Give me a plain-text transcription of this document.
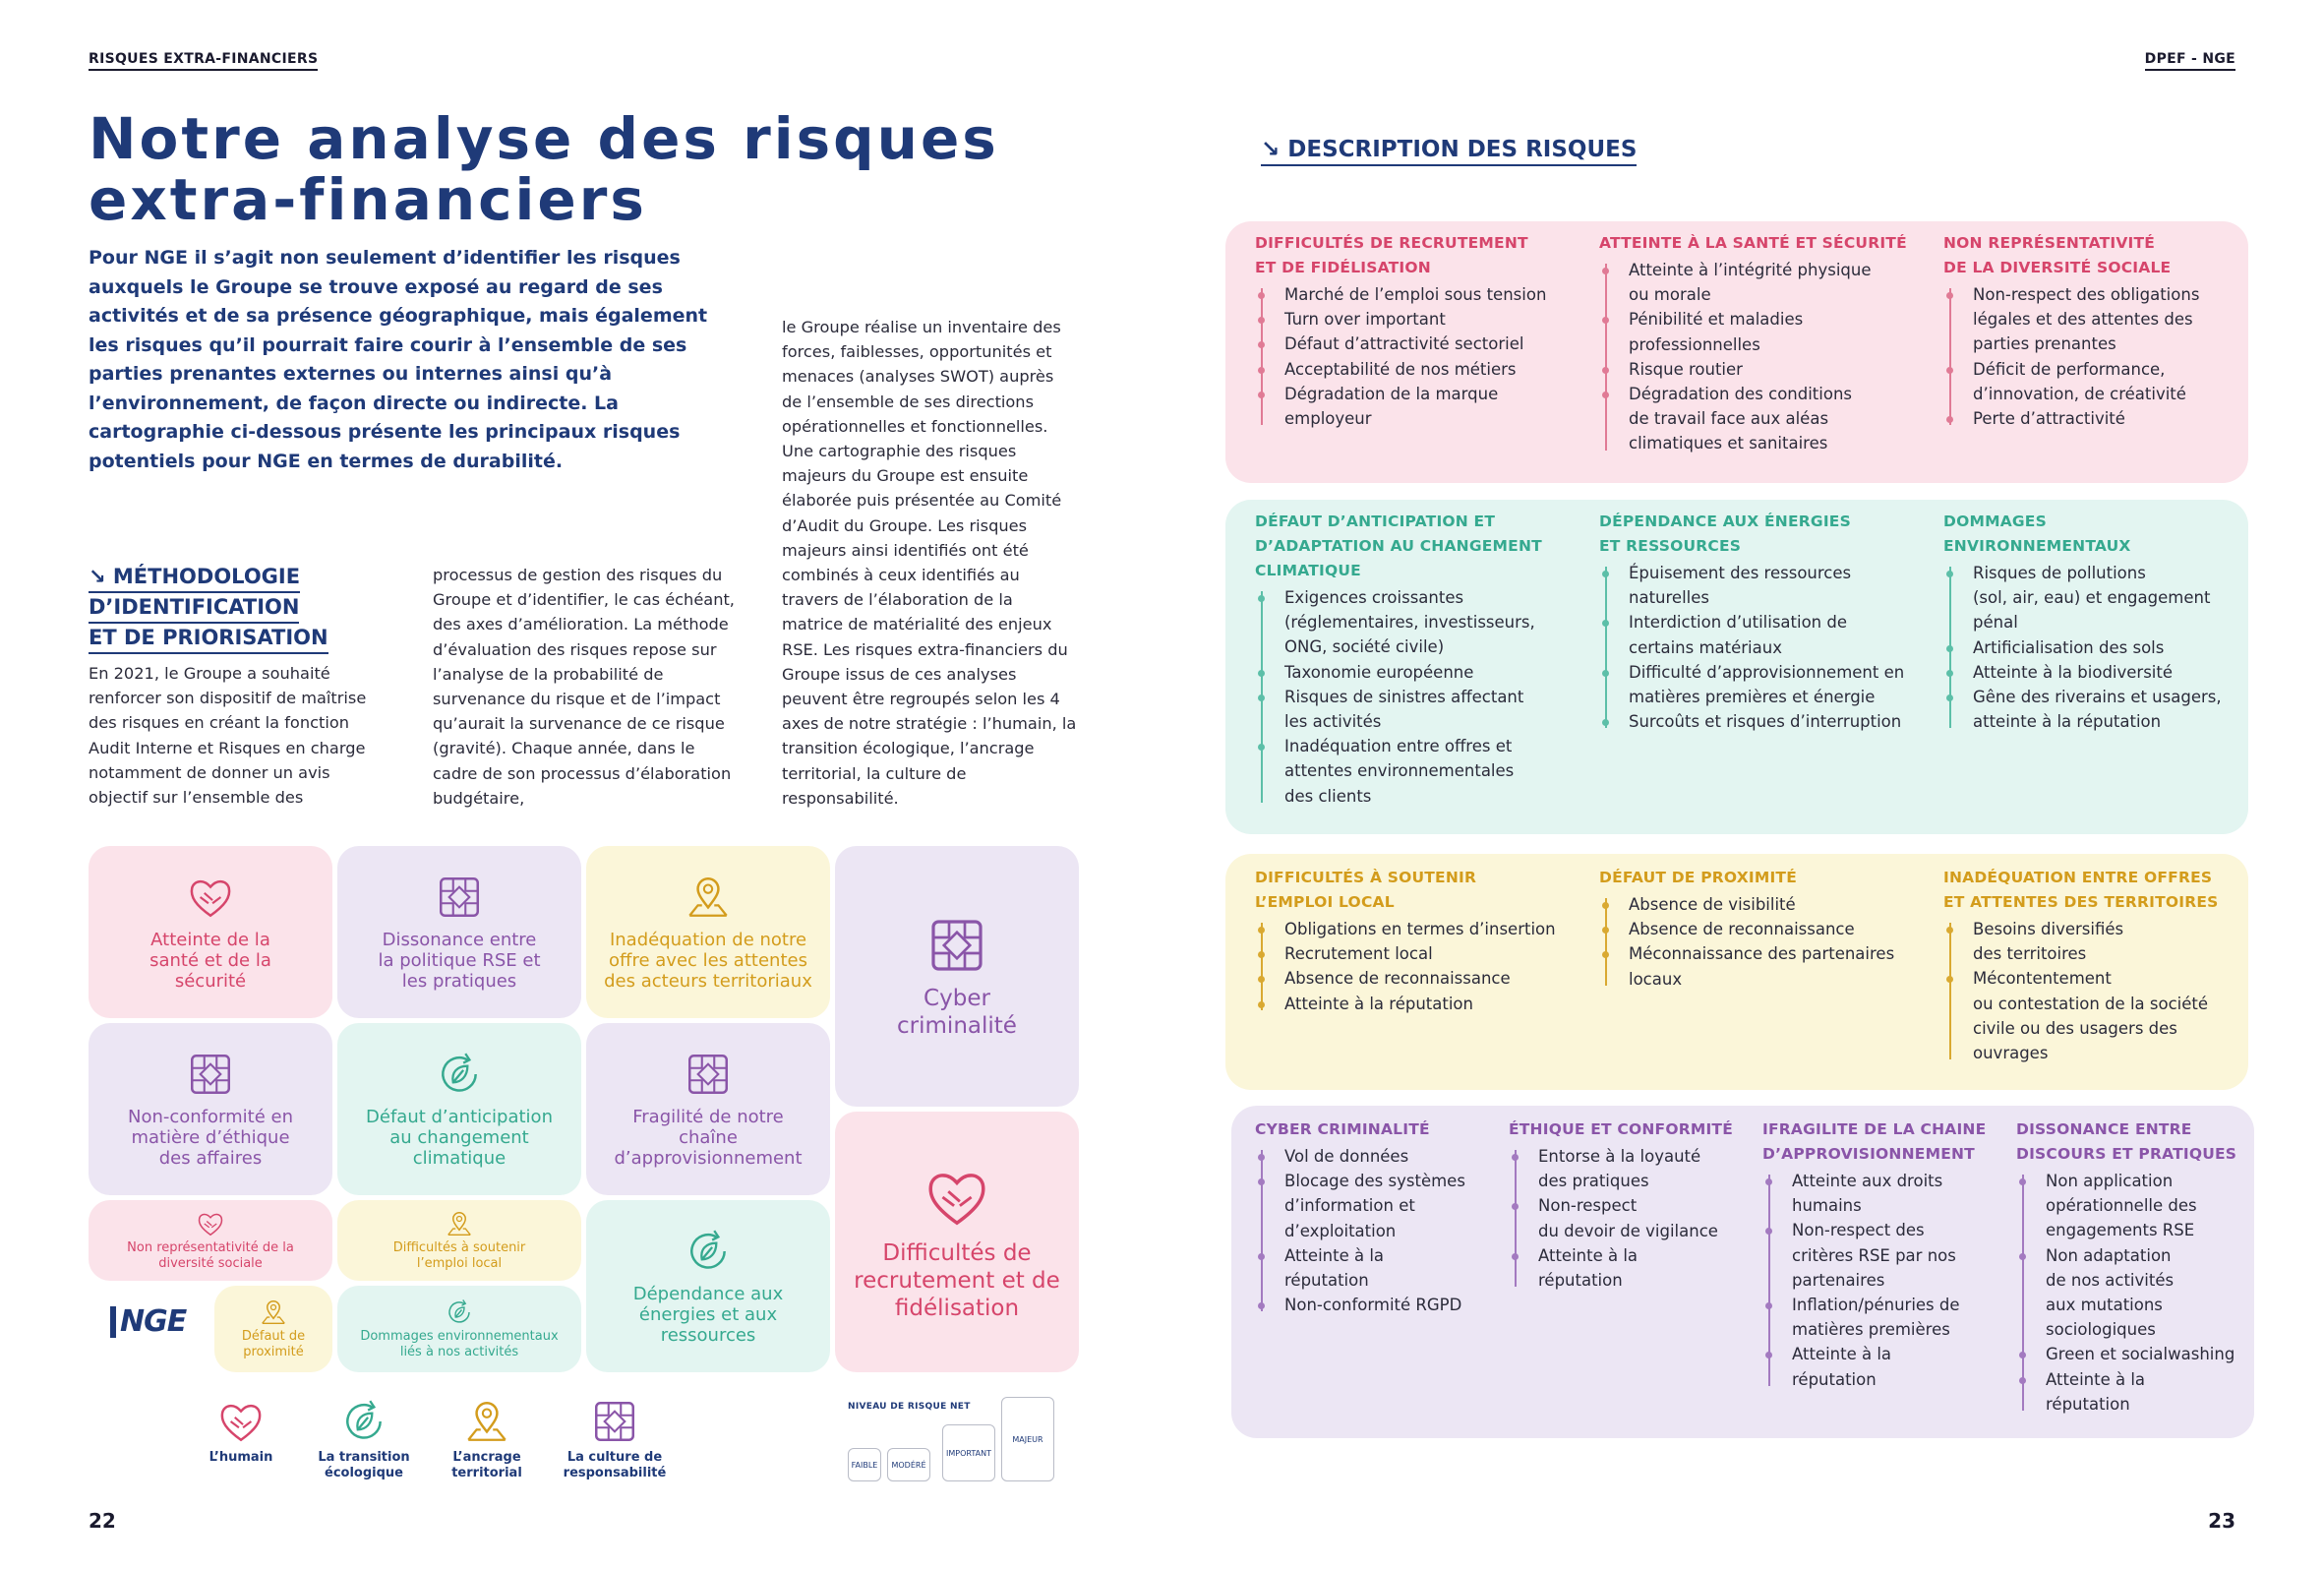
RISQUES EXTRA-FINANCIERS	DPEF - NGE
Notre analyse des risques
extra-financiers
Pour NGE il s’agit non seulement d’identifier les risques auxquels le Groupe se trouve exposé au regard de ses activités et de sa présence géographique, mais également les risques qu’il pourrait faire courir à l’ensemble de ses parties prenantes externes ou internes ainsi qu’à l’environnement, de façon directe ou indirecte. La cartographie ci-dessous présente les principaux risques potentiels pour NGE en termes de durabilité.
↘ MÉTHODOLOGIE
D’IDENTIFICATION
ET DE PRIORISATION
En 2021, le Groupe a souhaité renforcer son dispositif de maîtrise des risques en créant la fonction Audit Interne et Risques en charge notamment de donner un avis objectif sur l’ensemble des
processus de gestion des risques du Groupe et d’identifier, le cas échéant, des axes d’amélioration. La méthode d’évaluation des risques repose sur l’analyse de la probabilité de survenance du risque et de l’impact qu’aurait la survenance de ce risque (gravité). Chaque année, dans le cadre de son processus d’élaboration budgétaire,
le Groupe réalise un inventaire des forces, faiblesses, opportunités et menaces (analyses SWOT) auprès de l’ensemble de ses directions opérationnelles et fonctionnelles. Une cartographie des risques majeurs du Groupe est ensuite élaborée puis présentée au Comité d’Audit du Groupe. Les risques majeurs ainsi identifiés ont été combinés à ceux identifiés au travers de l’élaboration de la matrice de matérialité des enjeux RSE. Les risques extra-financiers du Groupe issus de ces analyses peuvent être regroupés selon les 4 axes de notre stratégie : l’humain, la transition écologique, l’ancrage territorial, la culture de responsabilité.
Atteinte de la santé et de la sécurité
Dissonance entre la politique RSE et les pratiques
Inadéquation de notre offre avec les attentes des acteurs territoriaux
Cyber criminalité
Non-conformité en matière d’éthique des affaires
Défaut d’anticipation au changement climatique
Fragilité de notre chaîne d’approvisionnement
Non représentativité de la diversité sociale
Difficultés à soutenir l’emploi local
Dépendance aux énergies et aux ressources
Difficultés de recrutement et de fidélisation
NGE	Défaut de proximité
Dommages environnementaux liés à nos activités
L’humain	La transition écologique
L’ancrage territorial
La culture de responsabilité
NIVEAU DE RISQUE NET
FAIBLE	MODÉRÉ
IMPORTANT
MAJEUR
22
↘ DESCRIPTION DES RISQUES
DIFFICULTÉS DE RECRUTEMENT
ET DE FIDÉLISATION
Marché de l’emploi sous tension
Turn over important
Défaut d’attractivité sectoriel
Acceptabilité de nos métiers
Dégradation de la marque
employeur
ATTEINTE À LA SANTÉ ET SÉCURITÉ
Atteinte à l’intégrité physique
ou morale
Pénibilité et maladies
professionnelles
Risque routier
Dégradation des conditions
de travail face aux aléas
climatiques et sanitaires
NON REPRÉSENTATIVITÉ
DE LA DIVERSITÉ SOCIALE
Non-respect des obligations
légales et des attentes des
parties prenantes
Déficit de performance,
d’innovation, de créativité
Perte d’attractivité
DÉFAUT D’ANTICIPATION ET
D’ADAPTATION AU CHANGEMENT
CLIMATIQUE
Exigences croissantes
(réglementaires, investisseurs,
ONG, société civile)
Taxonomie européenne
Risques de sinistres affectant
les activités
Inadéquation entre offres et
attentes environnementales
des clients
DÉPENDANCE AUX ÉNERGIES
ET RESSOURCES
Épuisement des ressources
naturelles
Interdiction d’utilisation de
certains matériaux
Difficulté d’approvisionnement en
matières premières et énergie
Surcoûts et risques d’interruption
DOMMAGES ENVIRONNEMENTAUX
Risques de pollutions
(sol, air, eau) et engagement
pénal
Artificialisation des sols
Atteinte à la biodiversité
Gêne des riverains et usagers,
atteinte à la réputation
DIFFICULTÉS À SOUTENIR
L’EMPLOI LOCAL
Obligations en termes d’insertion
Recrutement local
Absence de reconnaissance
Atteinte à la réputation
DÉFAUT DE PROXIMITÉ
Absence de visibilité
Absence de reconnaissance
Méconnaissance des partenaires
locaux
INADÉQUATION ENTRE OFFRES
ET ATTENTES DES TERRITOIRES
Besoins diversifiés
des territoires
Mécontentement
ou contestation de la société
civile ou des usagers des
ouvrages
CYBER CRIMINALITÉ
Vol de données
Blocage des systèmes
d’information et
d’exploitation
Atteinte à la
réputation
Non-conformité RGPD
ÉTHIQUE ET CONFORMITÉ
Entorse à la loyauté
des pratiques
Non-respect
du devoir de vigilance
Atteinte à la
réputation
IFRAGILITE DE LA CHAINE
D’APPROVISIONNEMENT
Atteinte aux droits
humains
Non-respect des
critères RSE par nos
partenaires
Inflation/pénuries de
matières premières
Atteinte à la
réputation
DISSONANCE ENTRE
DISCOURS ET PRATIQUES
Non application
opérationnelle des
engagements RSE
Non adaptation
de nos activités
aux mutations
sociologiques
Green et socialwashing
Atteinte à la
réputation
23
